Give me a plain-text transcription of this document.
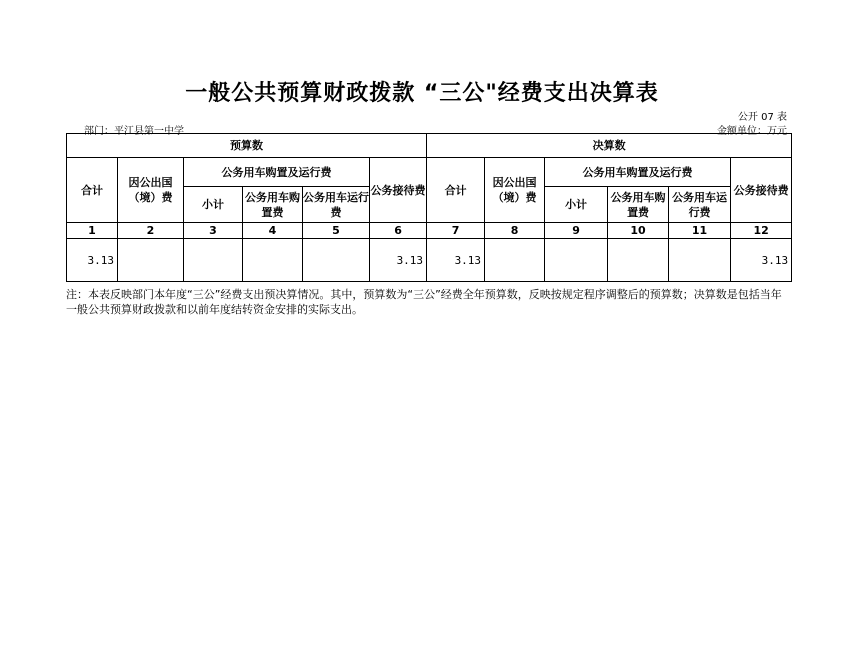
一般公共预算财政拨款 “三公"经费支出决算表
公开 07 表
部门：平江县第一中学	金额单位：万元
预算数						决算数					
合计	因公出国（境）费	公务用车购置及运行费			公务接待费	合计	因公出国（境）费	公务用车购置及运行费			公务接待费
		小计	公务用车购置费	公务用车运行费				小计	公务用车购置费	公务用车运行费	
1	2	3	4	5	6	7	8	9	10	11	12
3.13					3.13	3.13					3.13
注：本表反映部门本年度“三公”经费支出预决算情况。其中，预算数为“三公”经费全年预算数，反映按规定程序调整后的预算数；决算数是包括当年一般公共预算财政拨款和以前年度结转资金安排的实际支出。
